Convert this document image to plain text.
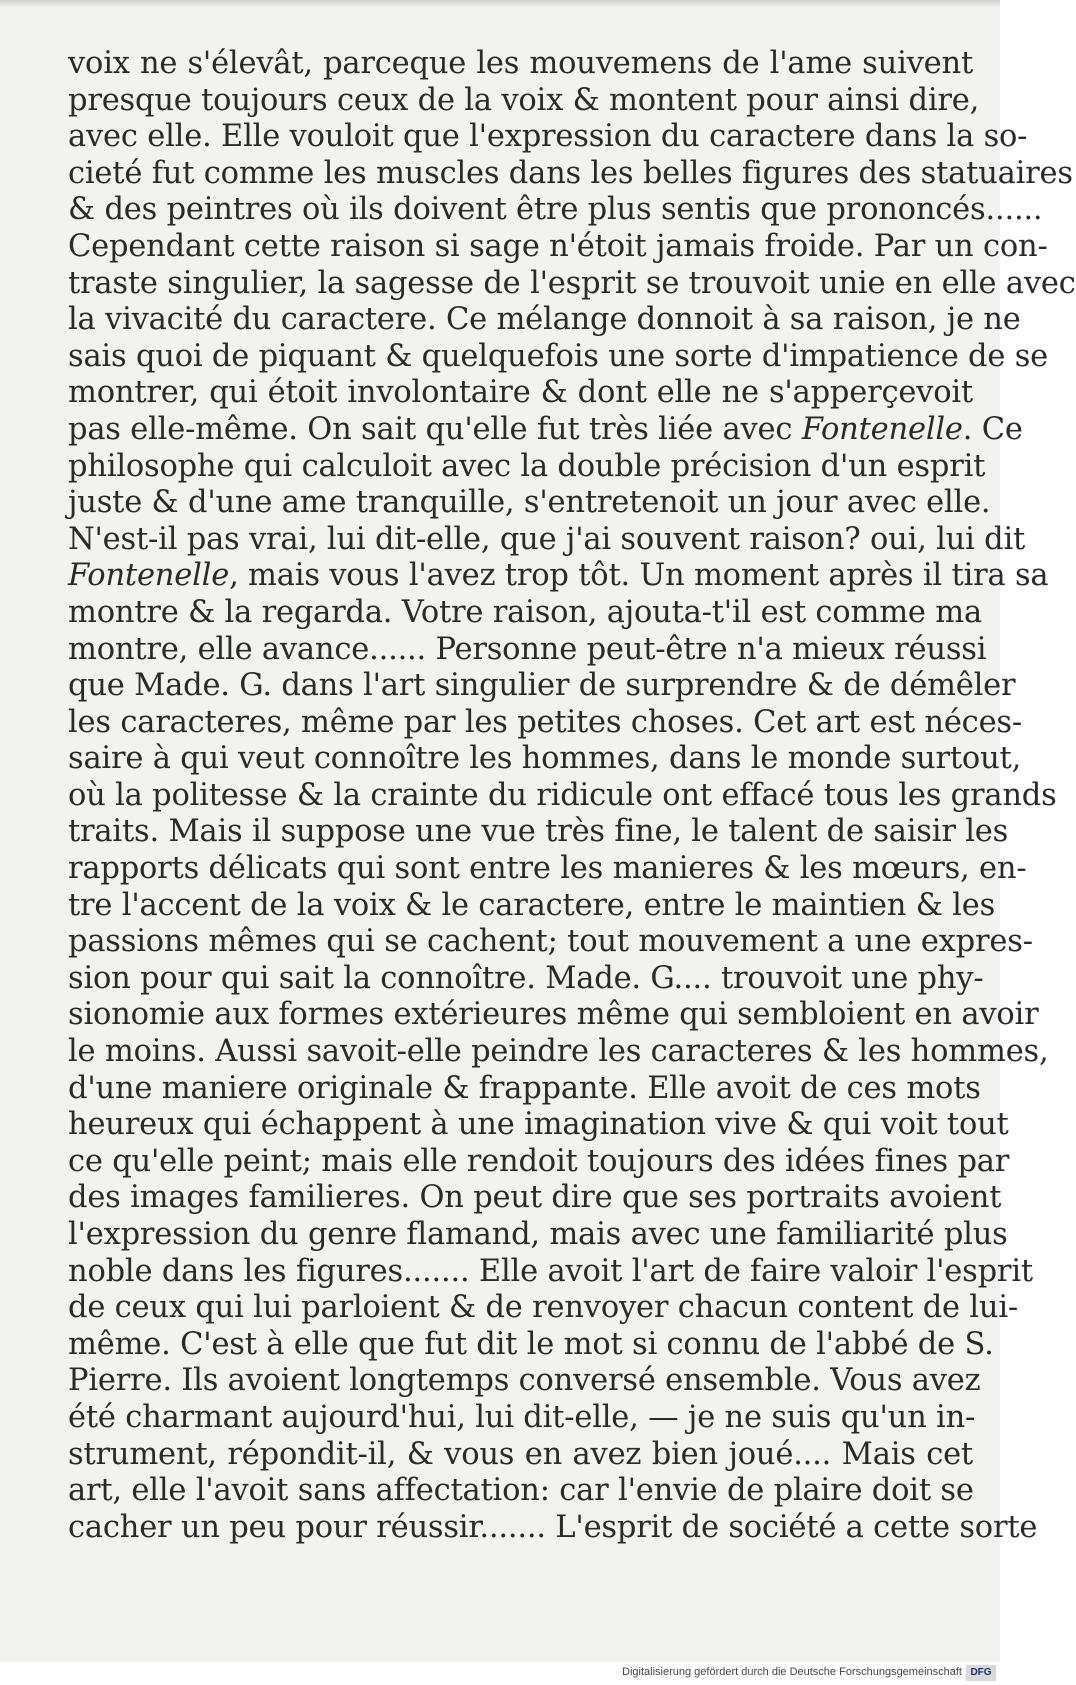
voix ne s'élevât, parceque les mouvemens de l'ame suivent
presque toujours ceux de la voix & montent pour ainsi dire,
avec elle. Elle vouloit que l'expression du caractere dans la so-
cieté fut comme les muscles dans les belles figures des statuaires
& des peintres où ils doivent être plus sentis que prononcés......
Cependant cette raison si sage n'étoit jamais froide. Par un con-
traste singulier, la sagesse de l'esprit se trouvoit unie en elle avec
la vivacité du caractere. Ce mélange donnoit à sa raison, je ne
sais quoi de piquant & quelquefois une sorte d'impatience de se
montrer, qui étoit involontaire & dont elle ne s'apperçevoit
pas elle-même. On sait qu'elle fut très liée avec Fontenelle. Ce
philosophe qui calculoit avec la double précision d'un esprit
juste & d'une ame tranquille, s'entretenoit un jour avec elle.
N'est-il pas vrai, lui dit-elle, que j'ai souvent raison? oui, lui dit
Fontenelle, mais vous l'avez trop tôt. Un moment après il tira sa
montre & la regarda. Votre raison, ajouta-t'il est comme ma
montre, elle avance...... Personne peut-être n'a mieux réussi
que Made. G. dans l'art singulier de surprendre & de démêler
les caracteres, même par les petites choses. Cet art est néces-
saire à qui veut connoître les hommes, dans le monde surtout,
où la politesse & la crainte du ridicule ont effacé tous les grands
traits. Mais il suppose une vue très fine, le talent de saisir les
rapports délicats qui sont entre les manieres & les mœurs, en-
tre l'accent de la voix & le caractere, entre le maintien & les
passions mêmes qui se cachent; tout mouvement a une expres-
sion pour qui sait la connoître. Made. G.... trouvoit une phy-
sionomie aux formes extérieures même qui sembloient en avoir
le moins. Aussi savoit-elle peindre les caracteres & les hommes,
d'une maniere originale & frappante. Elle avoit de ces mots
heureux qui échappent à une imagination vive & qui voit tout
ce qu'elle peint; mais elle rendoit toujours des idées fines par
des images familieres. On peut dire que ses portraits avoient
l'expression du genre flamand, mais avec une familiarité plus
noble dans les figures....... Elle avoit l'art de faire valoir l'esprit
de ceux qui lui parloient & de renvoyer chacun content de lui-
même. C'est à elle que fut dit le mot si connu de l'abbé de S.
Pierre. Ils avoient longtemps conversé ensemble. Vous avez
été charmant aujourd'hui, lui dit-elle, — je ne suis qu'un in-
strument, répondit-il, & vous en avez bien joué.... Mais cet
art, elle l'avoit sans affectation: car l'envie de plaire doit se
cacher un peu pour réussir....... L'esprit de société a cette sorte
Digitalisierung gefördert durch die Deutsche Forschungsgemeinschaft DFG
